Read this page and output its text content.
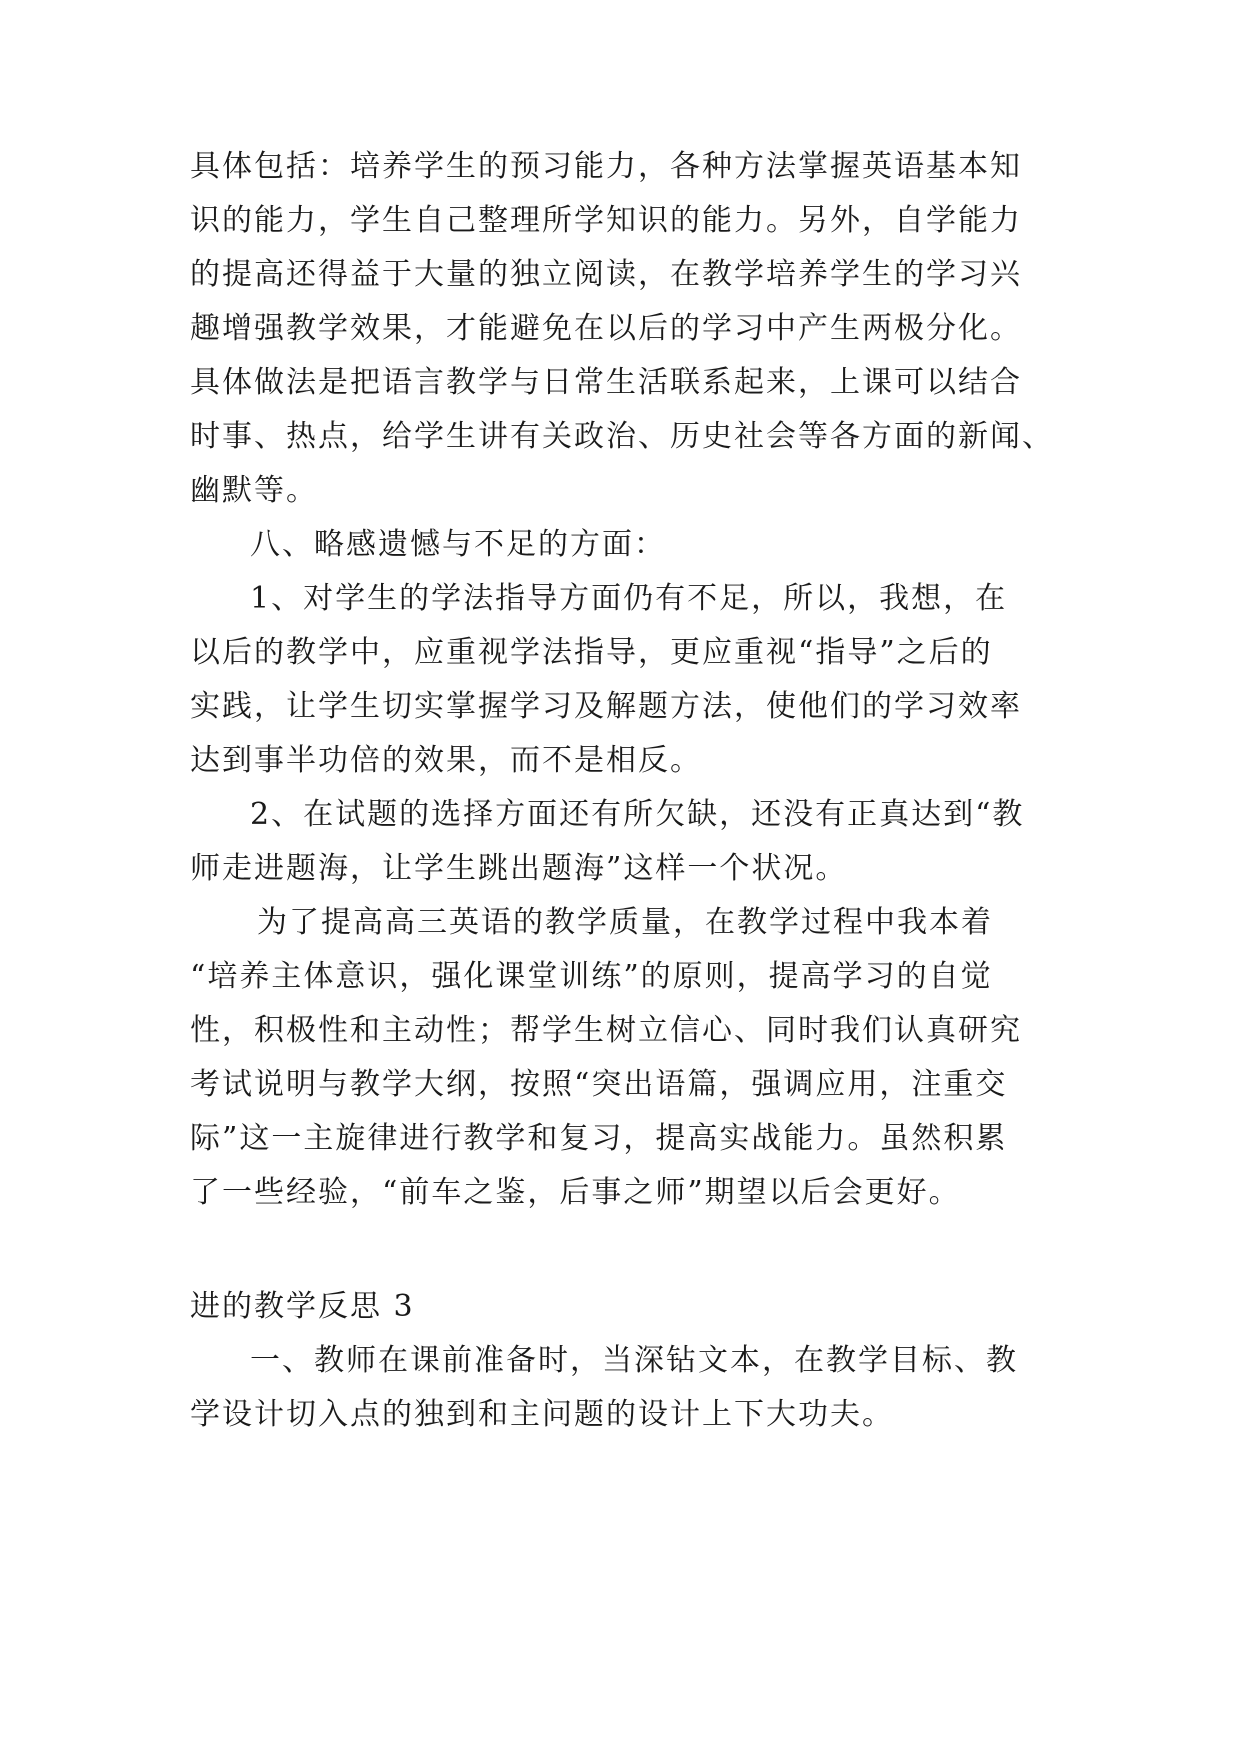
具体包括：培养学生的预习能力，各种方法掌握英语基本知
识的能力，学生自己整理所学知识的能力。另外，自学能力
的提高还得益于大量的独立阅读，在教学培养学生的学习兴
趣增强教学效果，才能避免在以后的学习中产生两极分化。
具体做法是把语言教学与日常生活联系起来，上课可以结合
时事、热点，给学生讲有关政治、历史社会等各方面的新闻、
幽默等。
八、略感遗憾与不足的方面：
1、对学生的学法指导方面仍有不足，所以，我想，在
以后的教学中，应重视学法指导，更应重视“指导”之后的
实践，让学生切实掌握学习及解题方法，使他们的学习效率
达到事半功倍的效果，而不是相反。
2、在试题的选择方面还有所欠缺，还没有正真达到“教
师走进题海，让学生跳出题海”这样一个状况。
为了提高高三英语的教学质量，在教学过程中我本着
“培养主体意识，强化课堂训练”的原则，提高学习的自觉
性，积极性和主动性；帮学生树立信心、同时我们认真研究
考试说明与教学大纲，按照“突出语篇，强调应用，注重交
际”这一主旋律进行教学和复习，提高实战能力。虽然积累
了一些经验，“前车之鉴，后事之师”期望以后会更好。
进的教学反思 3
一、教师在课前准备时，当深钻文本，在教学目标、教
学设计切入点的独到和主问题的设计上下大功夫。
